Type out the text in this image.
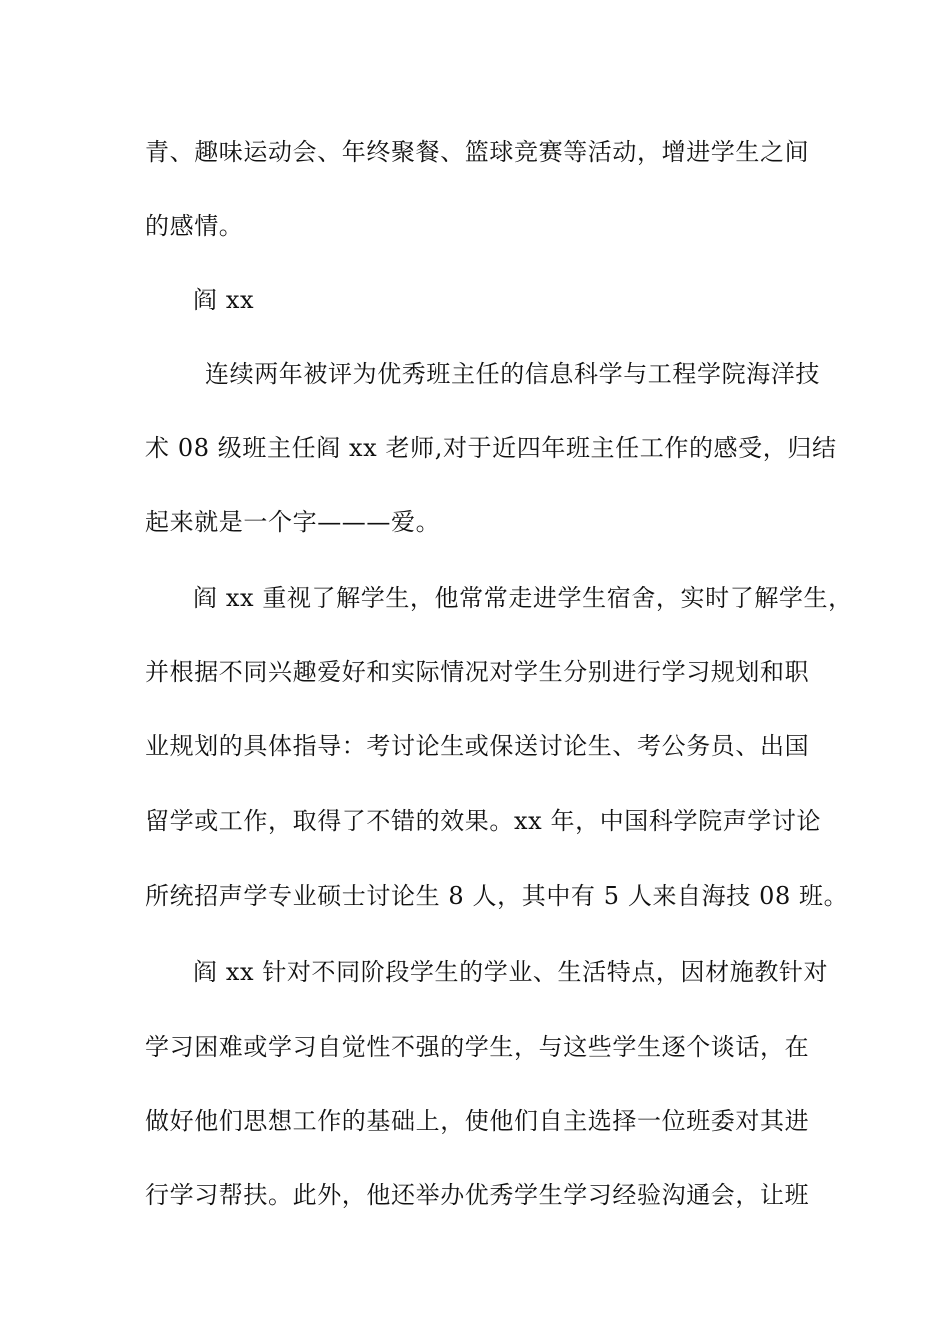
青、趣味运动会、年终聚餐、篮球竞赛等活动，增进学生之间
的感情。
阎 xx
连续两年被评为优秀班主任的信息科学与工程学院海洋技
术 08 级班主任阎 xx 老师,对于近四年班主任工作的感受，归结
起来就是一个字———爱。
阎 xx 重视了解学生，他常常走进学生宿舍，实时了解学生，
并根据不同兴趣爱好和实际情况对学生分别进行学习规划和职
业规划的具体指导：考讨论生或保送讨论生、考公务员、出国
留学或工作，取得了不错的效果。xx 年，中国科学院声学讨论
所统招声学专业硕士讨论生 8 人，其中有 5 人来自海技 08 班。
阎 xx 针对不同阶段学生的学业、生活特点，因材施教针对
学习困难或学习自觉性不强的学生，与这些学生逐个谈话，在
做好他们思想工作的基础上，使他们自主选择一位班委对其进
行学习帮扶。此外，他还举办优秀学生学习经验沟通会，让班
